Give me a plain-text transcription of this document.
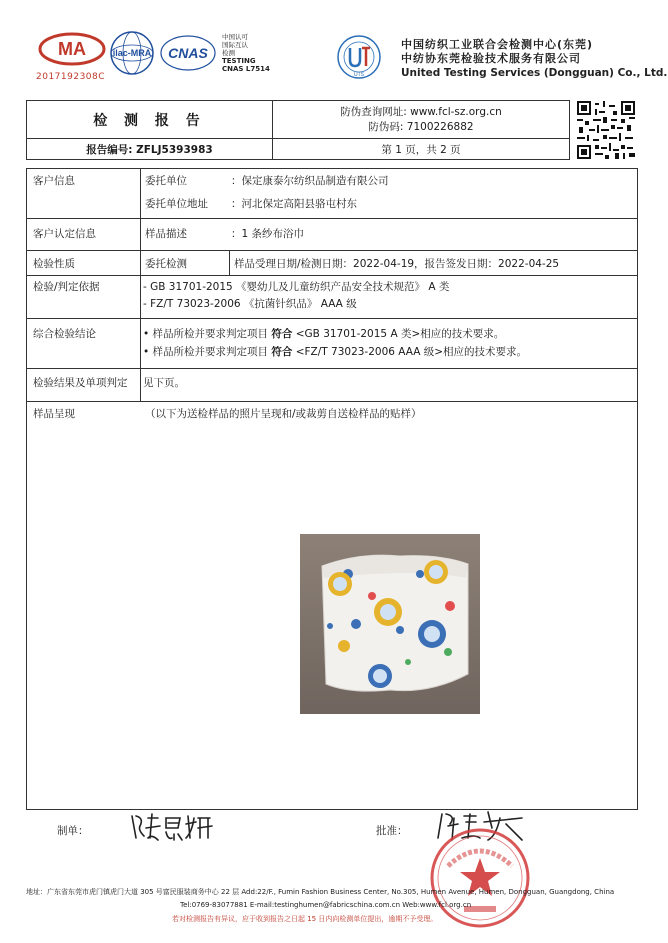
MA
2017192308C
ilac-MRA CNAS
中国认可
国际互认
检测
TESTING
CNAS L7514
UTS
中国纺织工业联合会检测中心(东莞)
中纺协东莞检验技术服务有限公司
United Testing Services (Dongguan) Co., Ltd.
检 测 报 告
报告编号: ZFLJ5393983
防伪查询网址: www.fcl-sz.org.cn
防伪码: 7100226882
第 1 页，共 2 页
客户信息	委托单位	：保定康泰尔纺织品制造有限公司
委托单位地址 ：河北保定高阳县骆屯村东
客户认定信息	样品描述	：1 条纱布浴巾
检验性质	委托检测	样品受理日期/检测日期：2022-04-19，报告签发日期：2022-04-25
检验/判定依据	- GB 31701-2015 《婴幼儿及儿童纺织产品安全技术规范》 A 类
- FZ/T 73023-2006 《抗菌针织品》 AAA 级
综合检验结论	• 样品所检并要求判定项目 符合 <GB 31701-2015 A 类>相应的技术要求。
• 样品所检并要求判定项目 符合 <FZ/T 73023-2006 AAA 级>相应的技术要求。
检验结果及单项判定 见下页。
样品呈现	（以下为送检样品的照片呈现和/或裁剪自送检样品的贴样）
制单：	批准：
地址：广东省东莞市虎门镇虎门大道 305 号富民服装商务中心 22 层 Add:22/F., Fumin Fashion Business Center, No.305, Humen Avenue, Humen, Dongguan, Guangdong, China
Tel:0769-83077881 E-mail:testinghumen@fabricschina.com.cn Web:www.fcl.org.cn
若对检测报告有异议，应于收到报告之日起 15 日内向检测单位提出，逾期不予受理。
